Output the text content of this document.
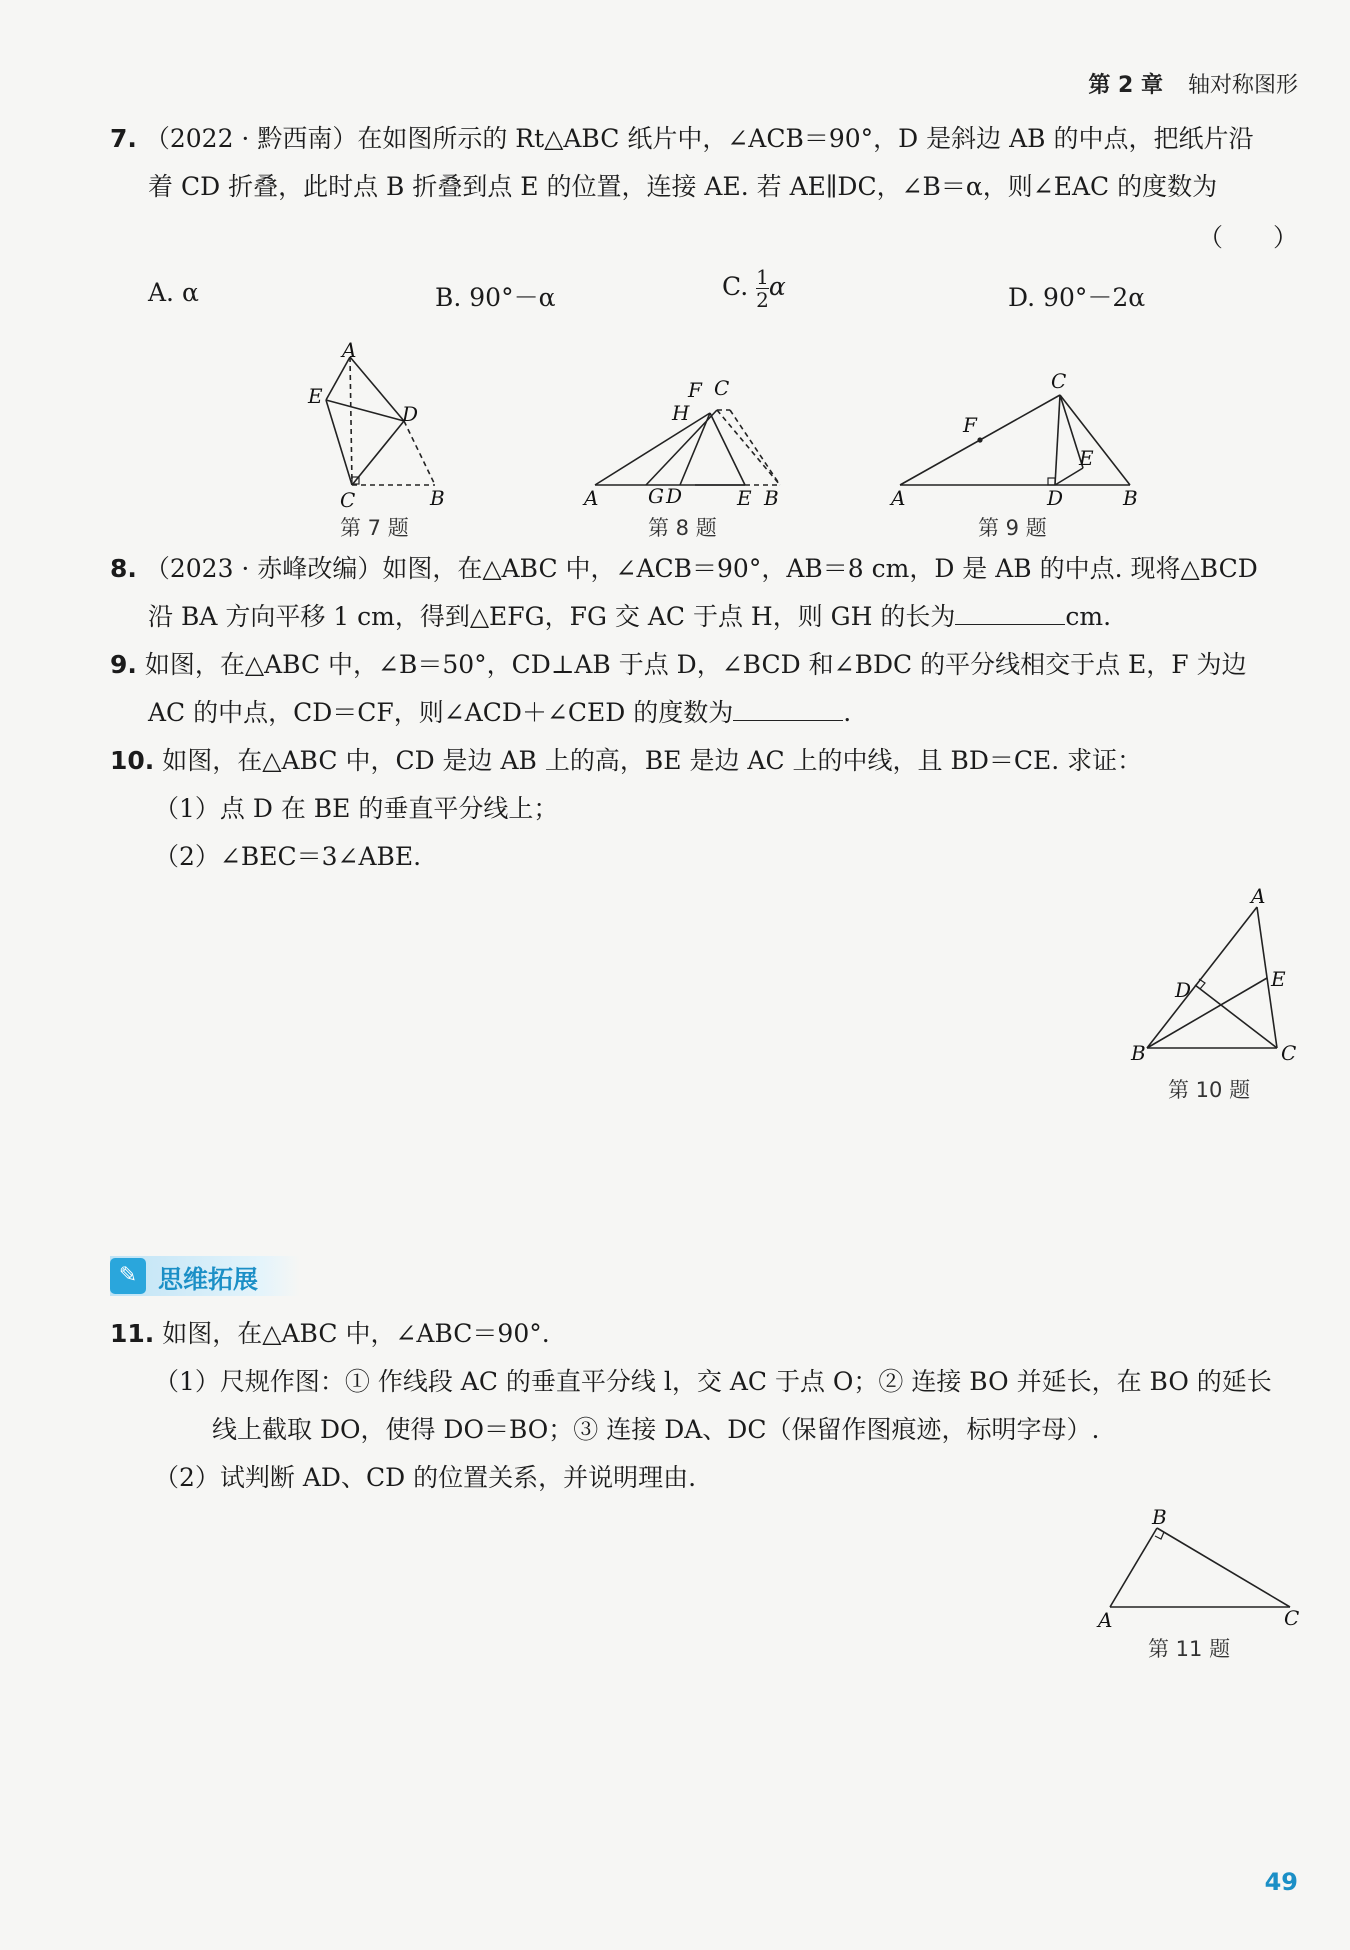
第 2 章 轴对称图形
7. （2022 · 黔西南）在如图所示的 Rt△ABC 纸片中，∠ACB＝90°，D 是斜边 AB 的中点，把纸片沿
着 CD 折叠，此时点 B 折叠到点 E 的位置，连接 AE. 若 AE∥DC，∠B＝α，则∠EAC 的度数为
（　　）
A. α	B. 90°－α	C. $\frac{1}{2}$ α	D. 90°－2α
A
E
D
C	B
第 7 题
F C
H
A G D	E B
第 8 题
C
F
E
A	D	B
第 9 题
8. （2023 · 赤峰改编）如图，在△ABC 中，∠ACB＝90°，AB＝8 cm，D 是 AB 的中点. 现将△BCD
沿 BA 方向平移 1 cm，得到△EFG，FG 交 AC 于点 H，则 GH 的长为	cm.
9. 如图，在△ABC 中，∠B＝50°，CD⊥AB 于点 D，∠BCD 和∠BDC 的平分线相交于点 E，F 为边
AC 的中点，CD＝CF，则∠ACD＋∠CED 的度数为	.
10. 如图，在△ABC 中，CD 是边 AB 上的高，BE 是边 AC 上的中线，且 BD＝CE. 求证：
（1）点 D 在 BE 的垂直平分线上；
（2）∠BEC＝3∠ABE.
A
E
D
B	C
第 10 题
✎ 思维拓展
11. 如图，在△ABC 中，∠ABC＝90°.
（1）尺规作图：① 作线段 AC 的垂直平分线 l，交 AC 于点 O；② 连接 BO 并延长，在 BO 的延长
线上截取 DO，使得 DO＝BO；③ 连接 DA、DC（保留作图痕迹，标明字母）.
（2）试判断 AD、CD 的位置关系，并说明理由.
B
A	C
第 11 题
49
